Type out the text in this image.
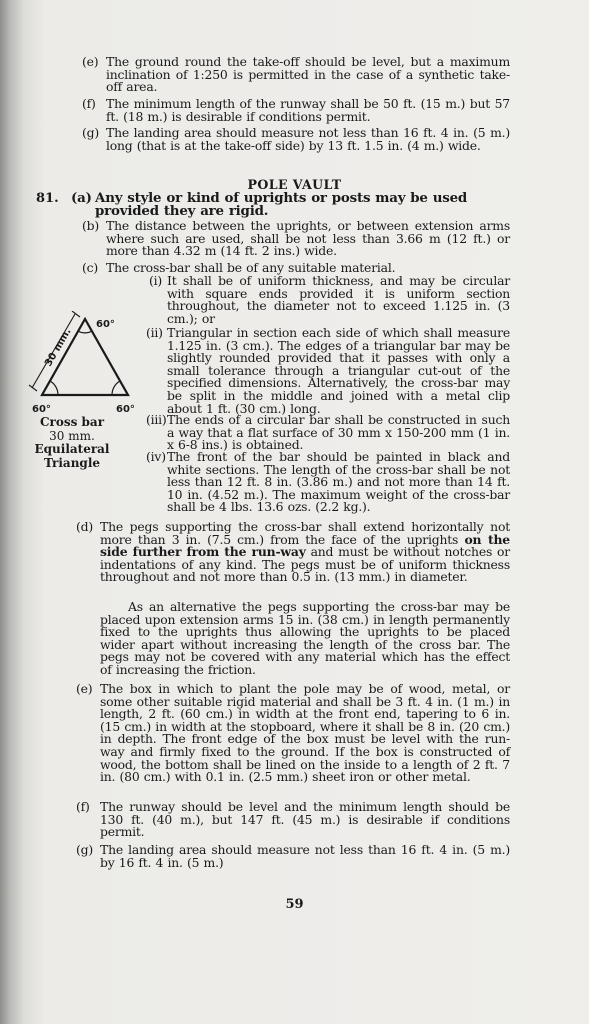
(e) The ground round the take-off should be level, but a maximum inclination of 1:250 is permitted in the case of a synthetic take-off area.

(f) The minimum length of the runway shall be 50 ft. (15 m.) but 57 ft. (18 m.) is desirable if conditions permit.

(g) The landing area should measure not less than 16 ft. 4 in. (5 m.) long (that is at the take-off side) by 13 ft. 1.5 in. (4 m.) wide.

POLE VAULT
81. (a) Any style or kind of uprights or posts may be used provided they are rigid.

(b) The distance between the uprights, or between extension arms where such are used, shall be not less than 3.66 m (12 ft.) or more than 4.32 m (14 ft. 2 ins.) wide.

(c) The cross-bar shall be of any suitable material.

(i) It shall be of uniform thickness, and may be circular with square ends provided it is uniform section throughout, the diameter not to exceed 1.125 in. (3 cm.); or

(ii) Triangular in section each side of which shall measure 1.125 in. (3 cm.). The edges of a triangular bar may be slightly rounded provided that it passes with only a small tolerance through a triangular cut-out of the specified dimensions. Alternatively, the cross-bar may be split in the middle and joined with a metal clip about 1 ft. (30 cm.) long.

(iii) The ends of a circular bar shall be constructed in such a way that a flat surface of 30 mm x 150-200 mm (1 in. x 6-8 ins.) is obtained.

(iv) The front of the bar should be painted in black and white sections. The length of the cross-bar shall be not less than 12 ft. 8 in. (3.86 m.) and not more than 14 ft. 10 in. (4.52 m.). The maximum weight of the cross-bar shall be 4 lbs. 13.6 ozs. (2.2 kg.).

30 mm.
60°
60°	60°
Cross bar
30 mm.
Equilateral
Triangle
(d) The pegs supporting the cross-bar shall extend horizontally not more than 3 in. (7.5 cm.) from the face of the uprights on the side further from the run-way and must be without notches or indentations of any kind. The pegs must be of uniform thickness throughout and not more than 0.5 in. (13 mm.) in diameter.

As an alternative the pegs supporting the cross-bar may be placed upon extension arms 15 in. (38 cm.) in length permanently fixed to the uprights thus allowing the uprights to be placed wider apart without increasing the length of the cross bar. The pegs may not be covered with any material which has the effect of increasing the friction.

(e) The box in which to plant the pole may be of wood, metal, or some other suitable rigid material and shall be 3 ft. 4 in. (1 m.) in length, 2 ft. (60 cm.) in width at the front end, tapering to 6 in. (15 cm.) in width at the stopboard, where it shall be 8 in. (20 cm.) in depth. The front edge of the box must be level with the run-way and firmly fixed to the ground. If the box is constructed of wood, the bottom shall be lined on the inside to a length of 2 ft. 7 in. (80 cm.) with 0.1 in. (2.5 mm.) sheet iron or other metal.

(f) The runway should be level and the minimum length should be 130 ft. (40 m.), but 147 ft. (45 m.) is desirable if conditions permit.

(g) The landing area should measure not less than 16 ft. 4 in. (5 m.) by 16 ft. 4 in. (5 m.)

59
